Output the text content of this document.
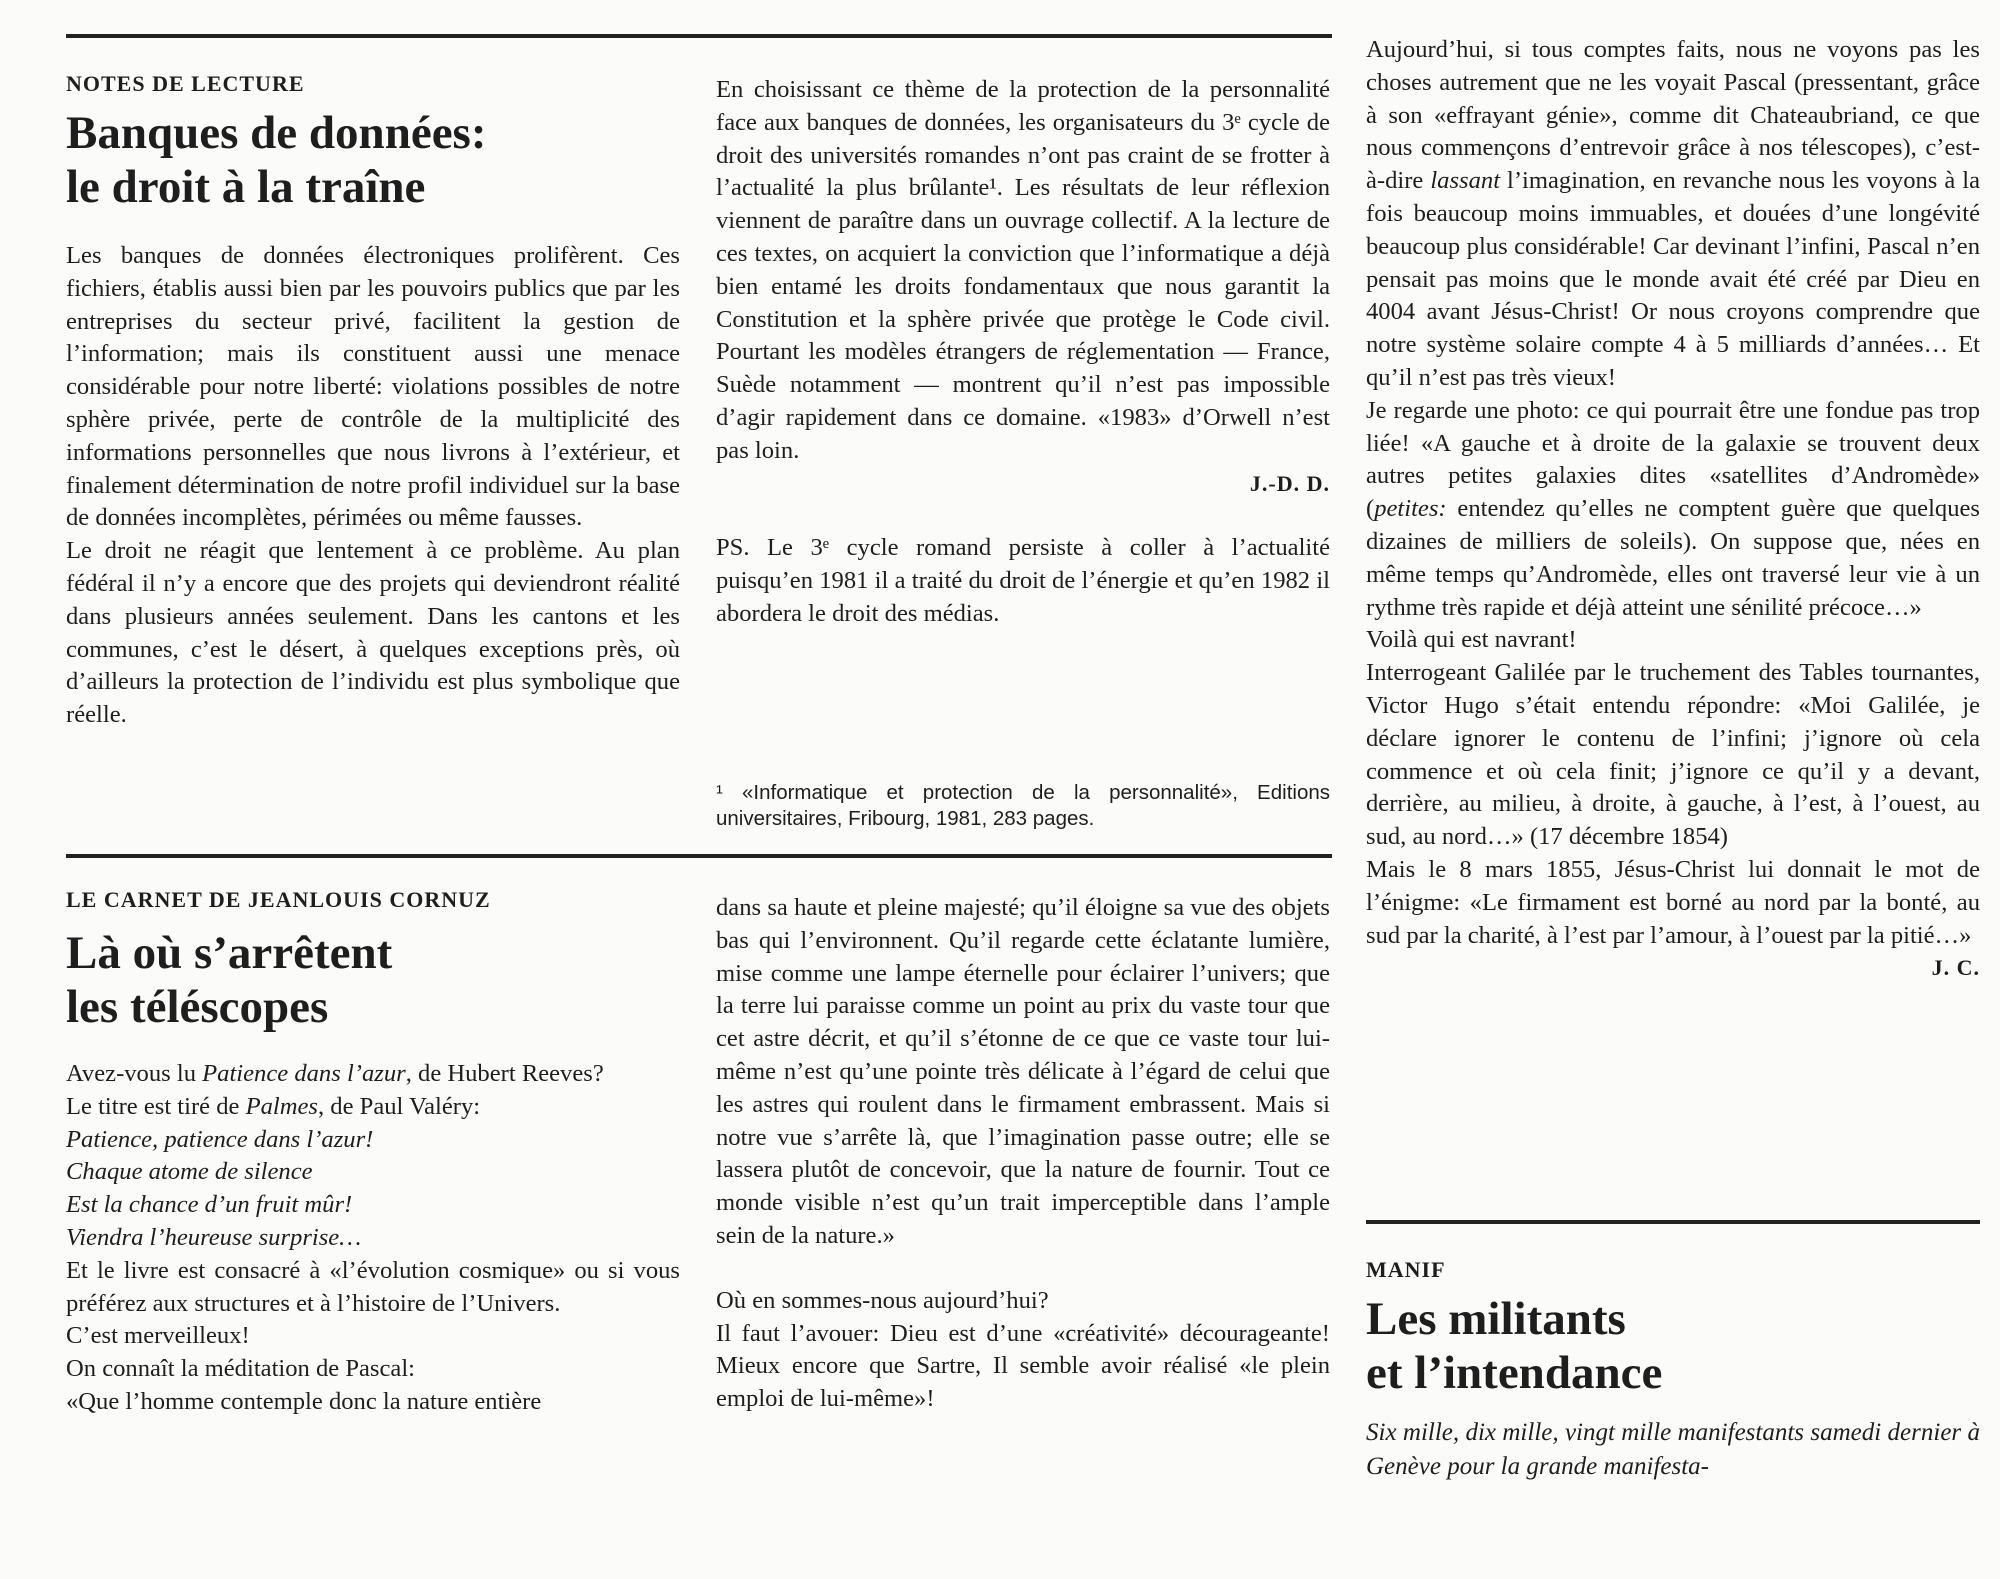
NOTES DE LECTURE
Banques de données:
le droit à la traîne

Les banques de données électroniques prolifèrent. Ces fichiers, établis aussi bien par les pouvoirs publics que par les entreprises du secteur privé, facilitent la gestion de l’information; mais ils constituent aussi une menace considérable pour notre liberté: violations possibles de notre sphère privée, perte de contrôle de la multiplicité des informations personnelles que nous livrons à l’extérieur, et finalement détermination de notre profil individuel sur la base de données incomplètes, périmées ou même fausses.

Le droit ne réagit que lentement à ce problème. Au plan fédéral il n’y a encore que des projets qui deviendront réalité dans plusieurs années seulement. Dans les cantons et les communes, c’est le désert, à quelques exceptions près, où d’ailleurs la protection de l’individu est plus symbolique que réelle.

En choisissant ce thème de la protection de la personnalité face aux banques de données, les organisateurs du 3ᵉ cycle de droit des universités romandes n’ont pas craint de se frotter à l’actualité la plus brûlante¹. Les résultats de leur réflexion viennent de paraître dans un ouvrage collectif. A la lecture de ces textes, on acquiert la conviction que l’informatique a déjà bien entamé les droits fondamentaux que nous garantit la Constitution et la sphère privée que protège le Code civil. Pourtant les modèles étrangers de réglementation — France, Suède notamment — montrent qu’il n’est pas impossible d’agir rapidement dans ce domaine. «1983» d’Orwell n’est pas loin.

J.-D. D.

PS. Le 3ᵉ cycle romand persiste à coller à l’actualité puisqu’en 1981 il a traité du droit de l’énergie et qu’en 1982 il abordera le droit des médias.

¹ «Informatique et protection de la personnalité», Editions universitaires, Fribourg, 1981, 283 pages.
LE CARNET DE JEANLOUIS CORNUZ
Là où s’arrêtent
les téléscopes

Avez-vous lu Patience dans l’azur, de Hubert Reeves?

Le titre est tiré de Palmes, de Paul Valéry:

Patience, patience dans l’azur!

Chaque atome de silence

Est la chance d’un fruit mûr!

Viendra l’heureuse surprise…

Et le livre est consacré à «l’évolution cosmique» ou si vous préférez aux structures et à l’histoire de l’Univers.

C’est merveilleux!

On connaît la méditation de Pascal:

«Que l’homme contemple donc la nature entière

dans sa haute et pleine majesté; qu’il éloigne sa vue des objets bas qui l’environnent. Qu’il regarde cette éclatante lumière, mise comme une lampe éternelle pour éclairer l’univers; que la terre lui paraisse comme un point au prix du vaste tour que cet astre décrit, et qu’il s’étonne de ce que ce vaste tour lui-même n’est qu’une pointe très délicate à l’égard de celui que les astres qui roulent dans le firmament embrassent. Mais si notre vue s’arrête là, que l’imagination passe outre; elle se lassera plutôt de concevoir, que la nature de fournir. Tout ce monde visible n’est qu’un trait imperceptible dans l’ample sein de la nature.»

Où en sommes-nous aujourd’hui?

Il faut l’avouer: Dieu est d’une «créativité» décourageante! Mieux encore que Sartre, Il semble avoir réalisé «le plein emploi de lui-même»!

Aujourd’hui, si tous comptes faits, nous ne voyons pas les choses autrement que ne les voyait Pascal (pressentant, grâce à son «effrayant génie», comme dit Chateaubriand, ce que nous commençons d’entrevoir grâce à nos télescopes), c’est-à-dire lassant l’imagination, en revanche nous les voyons à la fois beaucoup moins immuables, et douées d’une longévité beaucoup plus considérable! Car devinant l’infini, Pascal n’en pensait pas moins que le monde avait été créé par Dieu en 4004 avant Jésus-Christ! Or nous croyons comprendre que notre système solaire compte 4 à 5 milliards d’années… Et qu’il n’est pas très vieux!

Je regarde une photo: ce qui pourrait être une fondue pas trop liée! «A gauche et à droite de la galaxie se trouvent deux autres petites galaxies dites «satellites d’Andromède» (petites: entendez qu’elles ne comptent guère que quelques dizaines de milliers de soleils). On suppose que, nées en même temps qu’Andromède, elles ont traversé leur vie à un rythme très rapide et déjà atteint une sénilité précoce…»

Voilà qui est navrant!

Interrogeant Galilée par le truchement des Tables tournantes, Victor Hugo s’était entendu répondre: «Moi Galilée, je déclare ignorer le contenu de l’infini; j’ignore où cela commence et où cela finit; j’ignore ce qu’il y a devant, derrière, au milieu, à droite, à gauche, à l’est, à l’ouest, au sud, au nord…» (17 décembre 1854)

Mais le 8 mars 1855, Jésus-Christ lui donnait le mot de l’énigme: «Le firmament est borné au nord par la bonté, au sud par la charité, à l’est par l’amour, à l’ouest par la pitié…»

J. C.

MANIF
Les militants
et l’intendance
Six mille, dix mille, vingt mille manifestants samedi dernier à Genève pour la grande manifesta-
